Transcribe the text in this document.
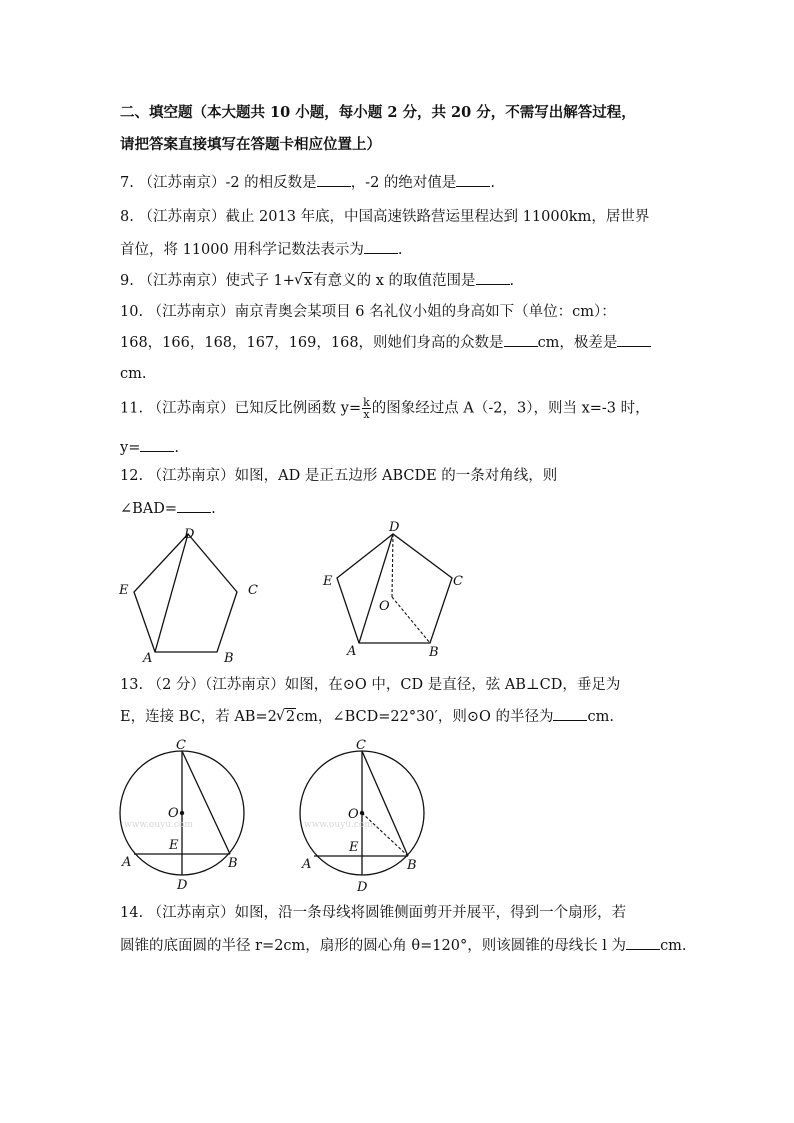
二、填空题（本大题共 10 小题，每小题 2 分，共 20 分，不需写出解答过程，
请把答案直接填写在答题卡相应位置上）
7. （江苏南京）-2 的相反数是 ，-2 的绝对值是 .
8. （江苏南京）截止 2013 年底，中国高速铁路营运里程达到 11000km，居世界
首位，将 11000 用科学记数法表示为 .
9. （江苏南京）使式子 1+ √ x有意义的 x 的取值范围是 .
10. （江苏南京）南京青奥会某项目 6 名礼仪小姐的身高如下（单位：cm）：
168，166，168，167，169，168，则她们身高的众数是 cm，极差是
cm.
11. （江苏南京）已知反比例函数 $y= \frac{k}{x}$ 的图象经过点 A（-2，3），则当 x=-3 时，
y= .
12. （江苏南京）如图，AD 是正五边形 ABCDE 的一条对角线，则
∠BAD= .
A	B
C
D
E
A	B
C
D
E
O
13. （2 分）（江苏南京）如图，在⊙O 中，CD 是直径，弦 AB⊥CD，垂足为
E，连接 BC，若 AB=2 √ 2cm，∠BCD=22°30′，则⊙O 的半径为 cm.
www.ouyu.com
C
O
E
A	B
D
www.ouyu.com
C
O
E
A	B
D
14. （江苏南京）如图，沿一条母线将圆锥侧面剪开并展平，得到一个扇形，若
圆锥的底面圆的半径 r=2cm，扇形的圆心角 θ=120°，则该圆锥的母线长 l 为 cm.
